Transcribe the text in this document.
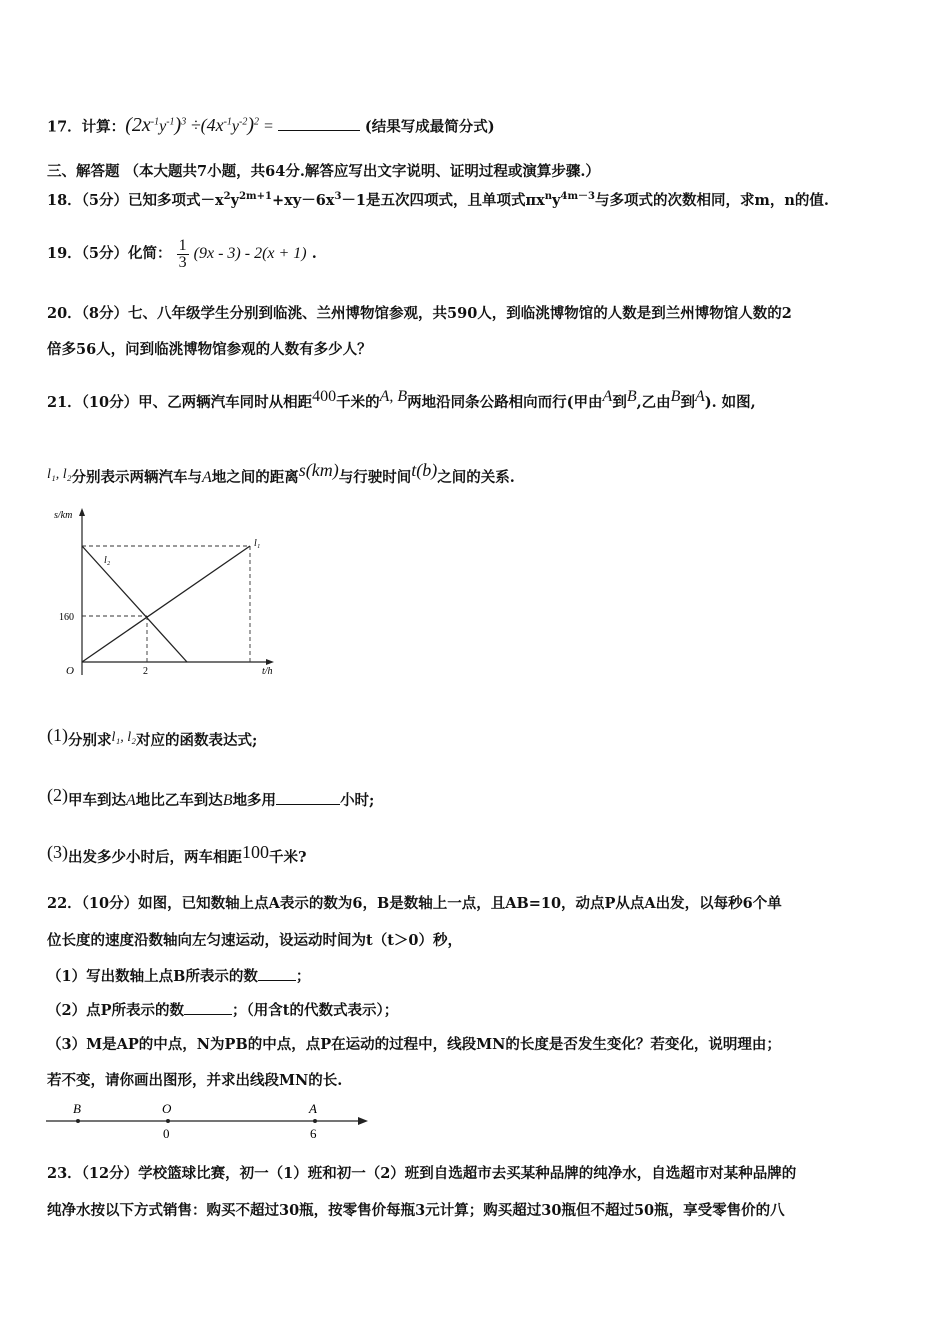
17．计算： $(2x^{-1}y^{-1})^3 \div(4x^{-1}y^{-2})^2$ =	(结果写成最简分式)
三、解答题 （本大题共7小题，共64分.解答应写出文字说明、证明过程或演算步骤.）
18．（5分）已知多项式$-x^2y^{2m+1}+xy-6x^3-1$是五次四项式，且单项式$\pi x^ny^{4m-3}$与多项式的次数相同，求m，n的值.
19．（5分）化简： $\frac{1}{3} (9x - 3) - 2(x + 1)$ .
20．（8分）七、八年级学生分别到临洮、兰州博物馆参观，共590人，到临洮博物馆的人数是到兰州博物馆人数的2
倍多56人，问到临洮博物馆参观的人数有多少人？
21．（10分）甲、乙两辆汽车同时从相距400千米的A, B两地沿同条公路相向而行(甲由A到B,乙由B到A). 如图,
l₁, l₂分别表示两辆汽车与A地之间的距离s(km)与行驶时间t(b)之间的关系.
s/km
t/h
O
160
2
l₁
l₂
(1)分别求l₁, l₂对应的函数表达式;
(2)甲车到达A地比乙车到达B地多用	小时;
(3)出发多少小时后，两车相距100千米?
22．（10分）如图，已知数轴上点A表示的数为6，B是数轴上一点，且AB=10，动点P从点A出发，以每秒6个单
位长度的速度沿数轴向左匀速运动，设运动时间为t（t＞0）秒，
（1）写出数轴上点B所表示的数	；
（2）点P所表示的数	；（用含t的代数式表示）；
（3）M是AP的中点，N为PB的中点，点P在运动的过程中，线段MN的长度是否发生变化？若变化，说明理由；
若不变，请你画出图形，并求出线段MN的长.
B	O	A
0	6
23．（12分）学校篮球比赛，初一（1）班和初一（2）班到自选超市去买某种品牌的纯净水，自选超市对某种品牌的
纯净水按以下方式销售：购买不超过30瓶，按零售价每瓶3元计算；购买超过30瓶但不超过50瓶，享受零售价的八
